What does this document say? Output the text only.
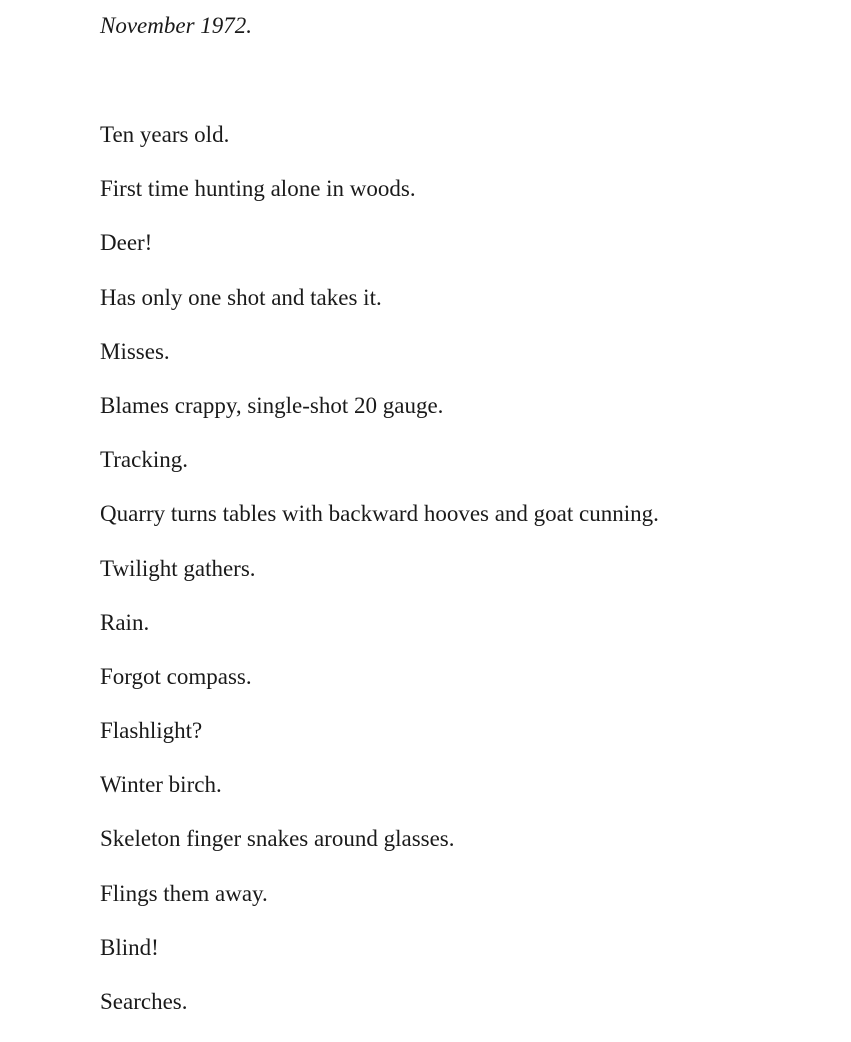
November 1972.

Ten years old.
First time hunting alone in woods.
Deer!
Has only one shot and takes it.
Misses.
Blames crappy, single-shot 20 gauge.
Tracking.
Quarry turns tables with backward hooves and goat cunning.
Twilight gathers.
Rain.
Forgot compass.
Flashlight?
Winter birch.
Skeleton finger snakes around glasses.
Flings them away.
Blind!
Searches.
